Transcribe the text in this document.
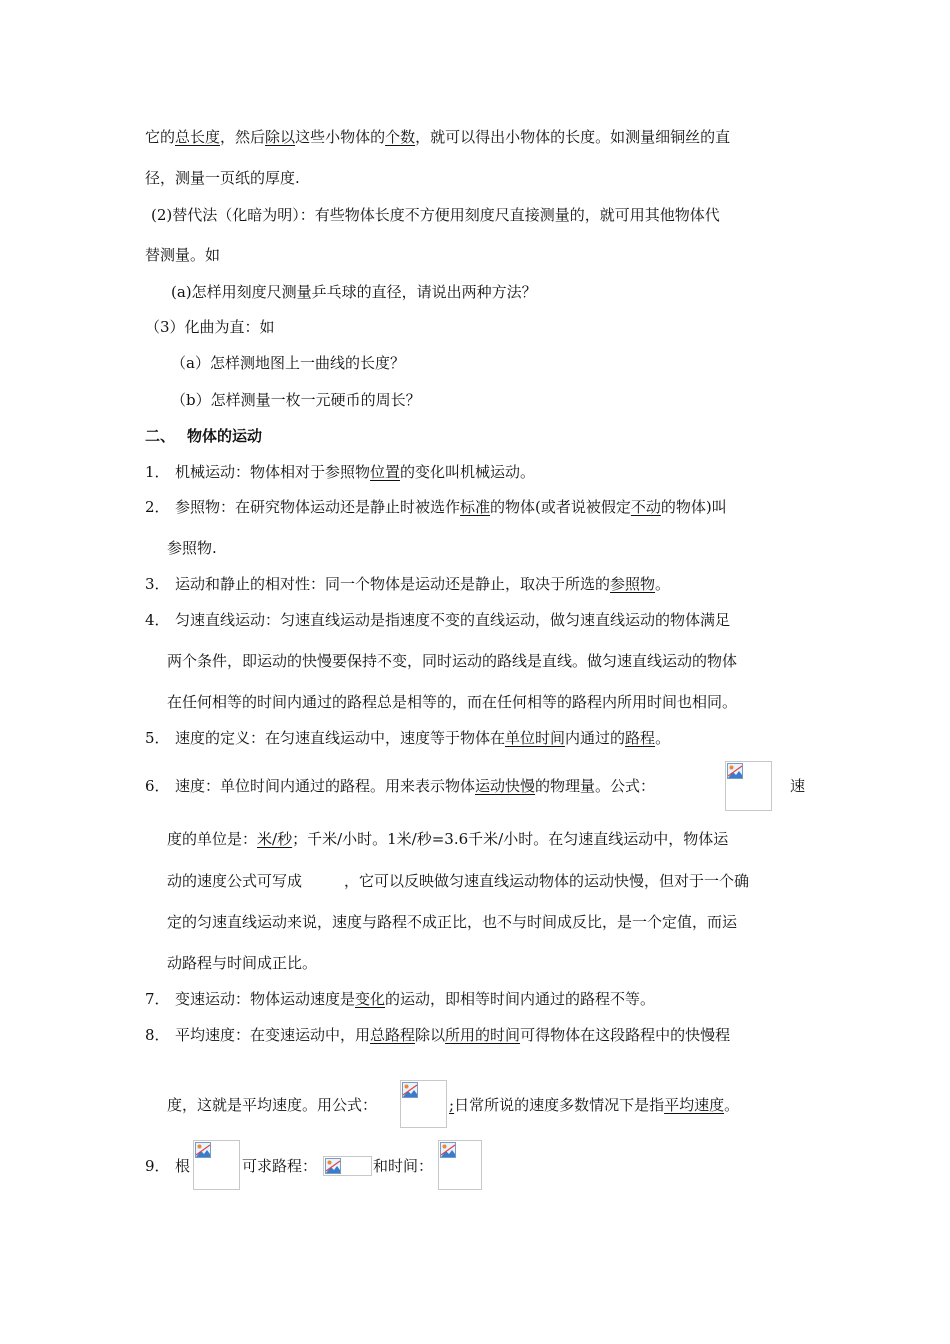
它的总长度，然后除以这些小物体的个数，就可以得出小物体的长度。如测量细铜丝的直
径，测量一页纸的厚度.
(2)替代法（化暗为明）：有些物体长度不方便用刻度尺直接测量的，就可用其他物体代
替测量。如
(a)怎样用刻度尺测量乒乓球的直径，请说出两种方法？
（3）化曲为直：如
（a）怎样测地图上一曲线的长度？
（b）怎样测量一枚一元硬币的周长？
二、 物体的运动
1． 机械运动：物体相对于参照物位置的变化叫机械运动。
2． 参照物：在研究物体运动还是静止时被选作标准的物体(或者说被假定不动的物体)叫
参照物.
3． 运动和静止的相对性：同一个物体是运动还是静止，取决于所选的参照物。
4． 匀速直线运动：匀速直线运动是指速度不变的直线运动，做匀速直线运动的物体满足
两个条件，即运动的快慢要保持不变，同时运动的路线是直线。做匀速直线运动的物体
在任何相等的时间内通过的路程总是相等的，而在任何相等的路程内所用时间也相同。
5． 速度的定义：在匀速直线运动中，速度等于物体在单位时间内通过的路程。
6． 速度：单位时间内通过的路程。用来表示物体运动快慢的物理量。公式：	速
度的单位是：米/秒；千米/小时。1米/秒=3.6千米/小时。在匀速直线运动中，物体运
动的速度公式可写成	，它可以反映做匀速直线运动物体的运动快慢，但对于一个确
定的匀速直线运动来说，速度与路程不成正比，也不与时间成反比，是一个定值，而运
动路程与时间成正比。
7． 变速运动：物体运动速度是变化的运动，即相等时间内通过的路程不等。
8． 平均速度：在变速运动中，用总路程除以所用的时间可得物体在这段路程中的快慢程
度，这就是平均速度。用公式：	;日常所说的速度多数情况下是指平均速度。
9． 根	可求路程：	和时间：
